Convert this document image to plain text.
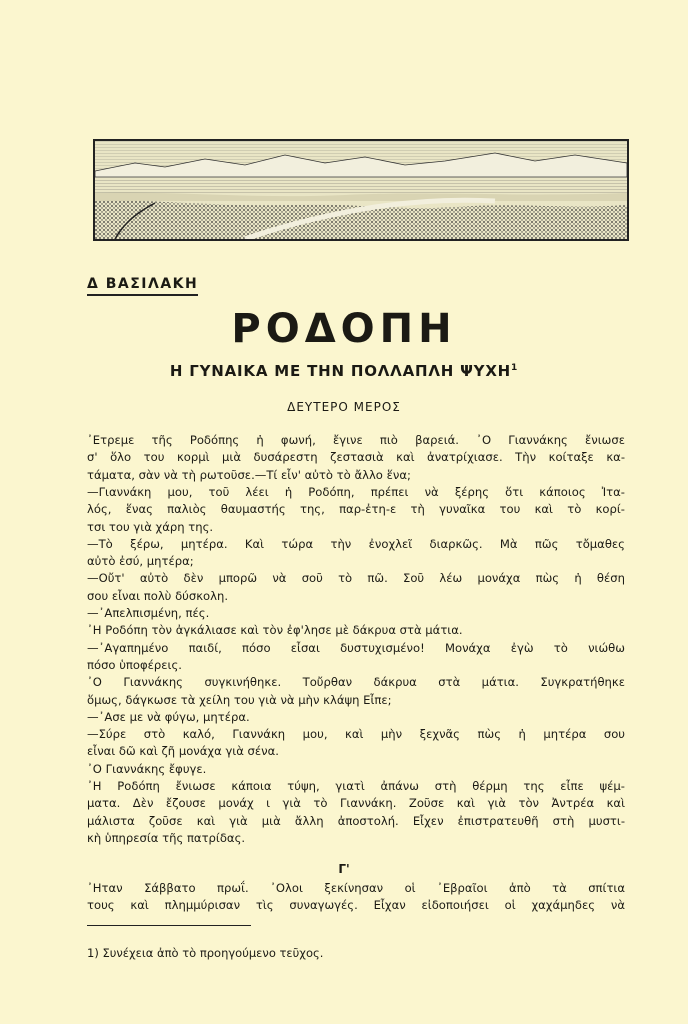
Δ ΒΑΣΙΛΑΚΗ
ΡΟΔΟΠΗ
Η ΓΥΝΑΙΚΑ ΜΕ ΤΗΝ ΠΟΛΛΑΠΛΗ ΨΥΧΗ$^1$
ΔΕΥΤΕΡΟ ΜΕΡΟΣ
᾿Ετρεμε τῆς Ροδόπης ἡ φωνή, ἔγινε πιὸ βαρειά. ᾿Ο Γιαννάκης ἔνιωσε
σ' ὅλο του κορμὶ μιὰ δυσάρεστη ζεστασιὰ καὶ ἀνατρίχιασε. Τὴν κοίταξε κα-
τάματα, σὰν νὰ τὴ ρωτοῦσε.—Τί εἶν' αὐτὸ τὸ ἄλλο ἕνα;
—Γιαννάκη μου, τοῦ λέει ἡ Ροδόπη, πρέπει νὰ ξέρης ὅτι κάποιος Ἰτα-
λός, ἕνας παλιὸς θαυμαστής της, παρ-ἐτη-ε τὴ γυναῖκα του καὶ τὸ κορί-
τσι του γιὰ χάρη της.
—Τὸ ξέρω, μητέρα. Καὶ τώρα τὴν ἐνοχλεῖ διαρκῶς. Μὰ πῶς τὄμαθες
αὐτὸ ἐσύ, μητέρα;
—Οὔτ' αὐτὸ δὲν μπορῶ νὰ σοῦ τὸ πῶ. Σοῦ λέω μονάχα πὼς ἡ θέση
σου εἶναι πολὺ δύσκολη.
—᾿Απελπισμένη, πές.
᾿Η Ροδόπη τὸν ἀγκάλιασε καὶ τὸν ἐφ'λησε μὲ δάκρυα στὰ μάτια.
—᾿Αγαπημένο παιδί, πόσο εἶσαι δυστυχισμένο! Μονάχα ἐγὼ τὸ νιώθω
πόσο ὑποφέρεις.
᾿Ο Γιαννάκης συγκινήθηκε. Τοὔρθαν δάκρυα στὰ μάτια. Συγκρατήθηκε
ὅμως, δάγκωσε τὰ χείλη του γιὰ νὰ μὴν κλάψη Εἶπε;
—᾿Ασε με νὰ φύγω, μητέρα.
—Σύρε στὸ καλό, Γιαννάκη μου, καὶ μὴν ξεχνᾶς πὼς ἡ μητέρα σου
εἶναι δῶ καὶ ζῆ μονάχα γιὰ σένα.
᾿Ο Γιαννάκης ἔφυγε.
᾿Η Ροδόπη ἔνιωσε κάποια τύψη, γιατὶ ἀπάνω στὴ θέρμη της εἶπε ψέμ-
ματα. Δὲν ἔζουσε μονάχ ι γιὰ τὸ Γιαννάκη. Ζοῦσε καὶ γιὰ τὸν Ἀντρέα καὶ
μάλιστα ζοῦσε καὶ γιὰ μιὰ ἄλλη ἀποστολή. Εἶχεν ἐπιστρατευθῆ στὴ μυστι-
κὴ ὑπηρεσία τῆς πατρίδας.
Γ'
᾿Ηταν Σάββατο πρωΐ. ᾿Ολοι ξεκίνησαν οἱ ᾿Εβραῖοι ἀπὸ τὰ σπίτια
τους καὶ πλημμύρισαν τὶς συναγωγές. Εἶχαν εἰδοποιήσει οἱ χαχάμηδες νὰ
1) Συνέχεια ἀπὸ τὸ προηγούμενο τεῦχος.
